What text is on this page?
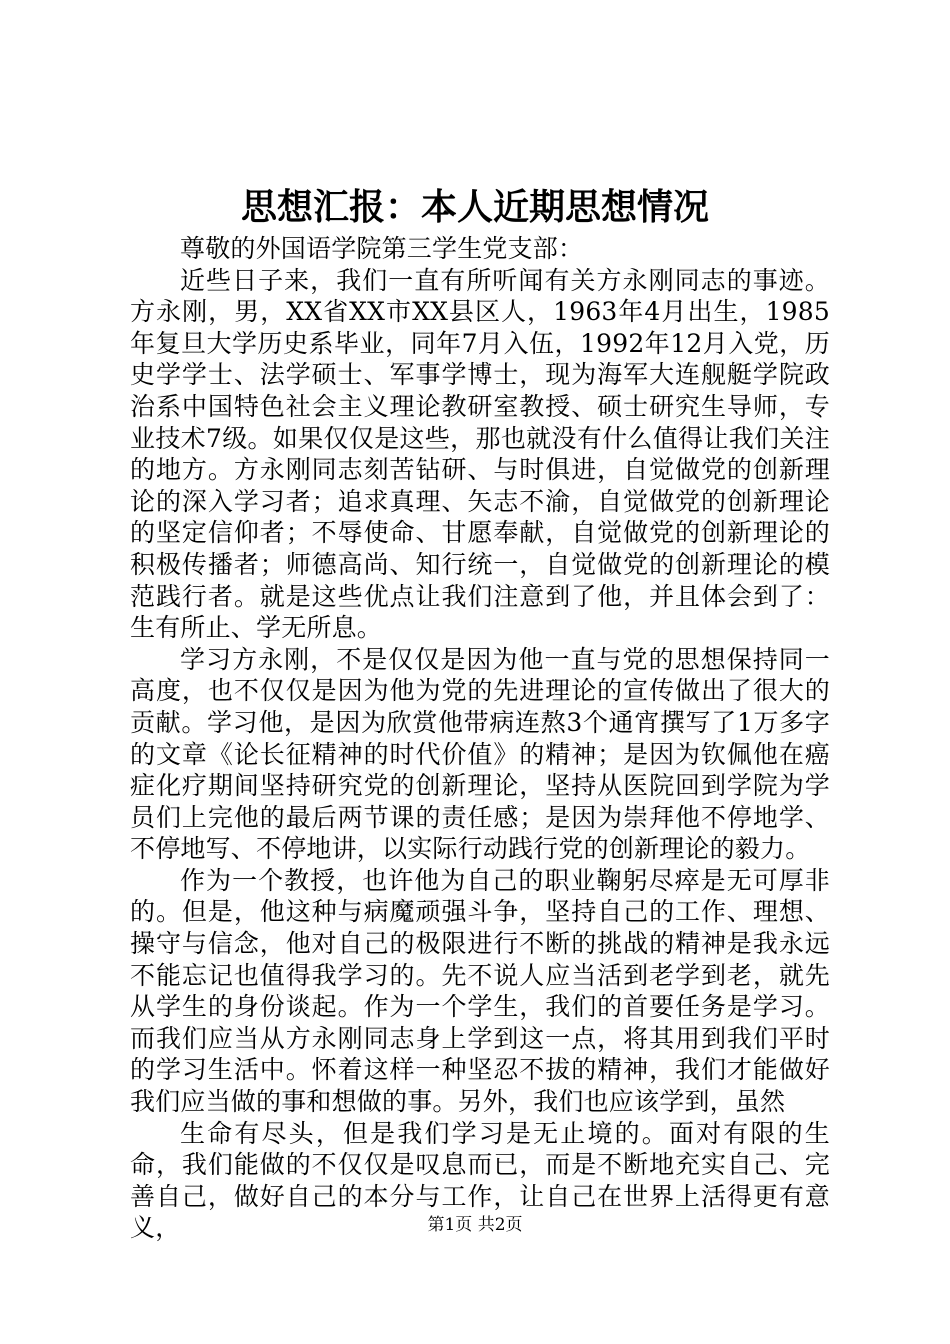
思想汇报：本人近期思想情况

尊敬的外国语学院第三学生党支部：

近些日子来，我们一直有所听闻有关方永刚同志的事迹。方永刚，男，XX省XX市XX县区人，1963年4月出生，1985年复旦大学历史系毕业，同年7月入伍，1992年12月入党，历史学学士、法学硕士、军事学博士，现为海军大连舰艇学院政治系中国特色社会主义理论教研室教授、硕士研究生导师，专业技术7级。如果仅仅是这些，那也就没有什么值得让我们关注的地方。方永刚同志刻苦钻研、与时俱进，自觉做党的创新理论的深入学习者；追求真理、矢志不渝，自觉做党的创新理论的坚定信仰者；不辱使命、甘愿奉献，自觉做党的创新理论的积极传播者；师德高尚、知行统一，自觉做党的创新理论的模范践行者。就是这些优点让我们注意到了他，并且体会到了：生有所止、学无所息。

学习方永刚，不是仅仅是因为他一直与党的思想保持同一高度，也不仅仅是因为他为党的先进理论的宣传做出了很大的贡献。学习他，是因为欣赏他带病连熬3个通宵撰写了1万多字的文章《论长征精神的时代价值》的精神；是因为钦佩他在癌症化疗期间坚持研究党的创新理论，坚持从医院回到学院为学员们上完他的最后两节课的责任感；是因为崇拜他不停地学、不停地写、不停地讲，以实际行动践行党的创新理论的毅力。

作为一个教授，也许他为自己的职业鞠躬尽瘁是无可厚非的。但是，他这种与病魔顽强斗争，坚持自己的工作、理想、操守与信念，他对自己的极限进行不断的挑战的精神是我永远不能忘记也值得我学习的。先不说人应当活到老学到老，就先从学生的身份谈起。作为一个学生，我们的首要任务是学习。而我们应当从方永刚同志身上学到这一点，将其用到我们平时的学习生活中。怀着这样一种坚忍不拔的精神，我们才能做好我们应当做的事和想做的事。另外，我们也应该学到，虽然

生命有尽头，但是我们学习是无止境的。面对有限的生命，我们能做的不仅仅是叹息而已，而是不断地充实自己、完善自己，做好自己的本分与工作，让自己在世界上活得更有意义，	第1页 共2页
